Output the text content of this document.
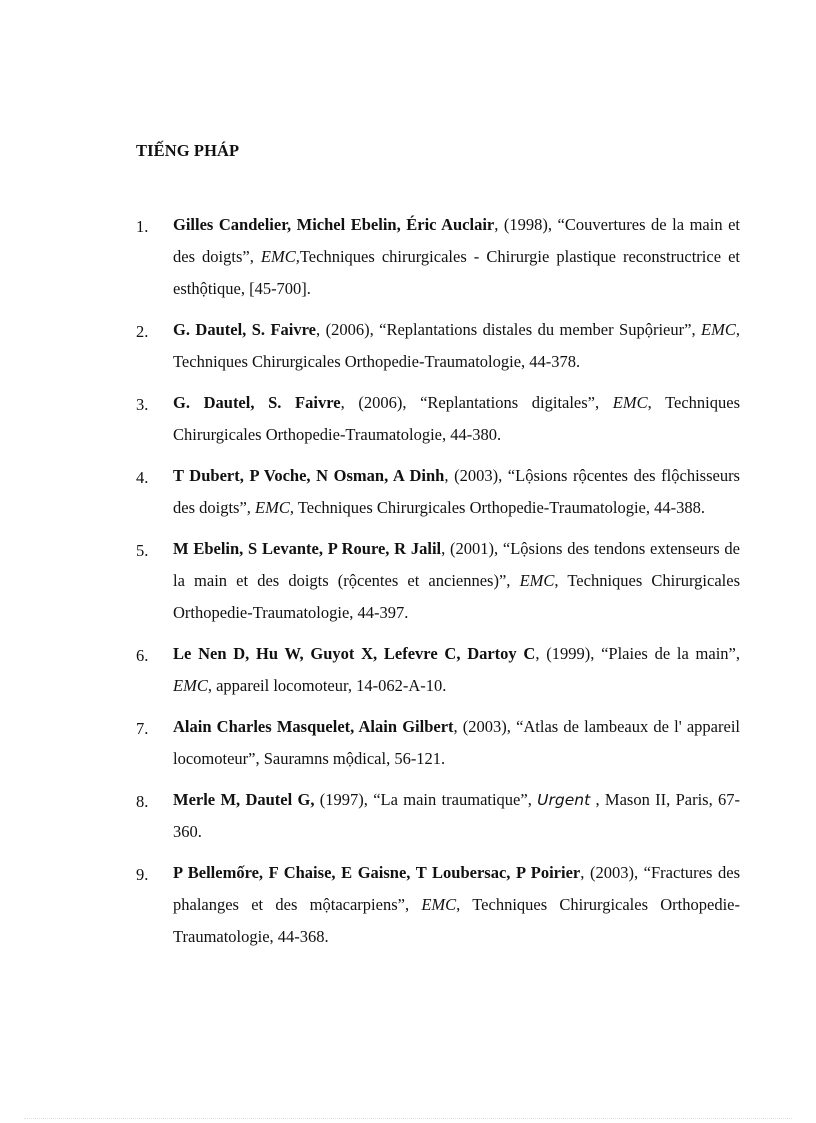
TIẾNG PHÁP
1. Gilles Candelier, Michel Ebelin, Éric Auclair, (1998), “Couvertures de la main et des doigts”, EMC,Techniques chirurgicales - Chirurgie plastique reconstructrice et esthộtique, [45-700].
2. G. Dautel, S. Faivre, (2006), “Replantations distales du member Supộrieur”, EMC, Techniques Chirurgicales Orthopedie-Traumatologie, 44-378.
3. G. Dautel, S. Faivre, (2006), “Replantations digitales”, EMC, Techniques Chirurgicales Orthopedie-Traumatologie, 44-380.
4. T Dubert, P Voche, N Osman, A Dinh, (2003), “Lộsions rộcentes des flộchisseurs des doigts”, EMC, Techniques Chirurgicales Orthopedie-Traumatologie, 44-388.
5. M Ebelin, S Levante, P Roure, R Jalil, (2001), “Lộsions des tendons extenseurs de la main et des doigts (rộcentes et anciennes)”, EMC, Techniques Chirurgicales Orthopedie-Traumatologie, 44-397.
6. Le Nen D, Hu W, Guyot X, Lefevre C, Dartoy C, (1999), “Plaies de la main”, EMC, appareil locomoteur, 14-062-A-10.
7. Alain Charles Masquelet, Alain Gilbert, (2003), “Atlas de lambeaux de l' appareil locomoteur”, Sauramns mộdical, 56-121.
8. Merle M, Dautel G, (1997), “La main traumatique”, Urgent , Mason II, Paris, 67-360.
9. P Bellemốre, F Chaise, E Gaisne, T Loubersac, P Poirier, (2003), “Fractures des phalanges et des mộtacarpiens”, EMC, Techniques Chirurgicales Orthopedie-Traumatologie, 44-368.
